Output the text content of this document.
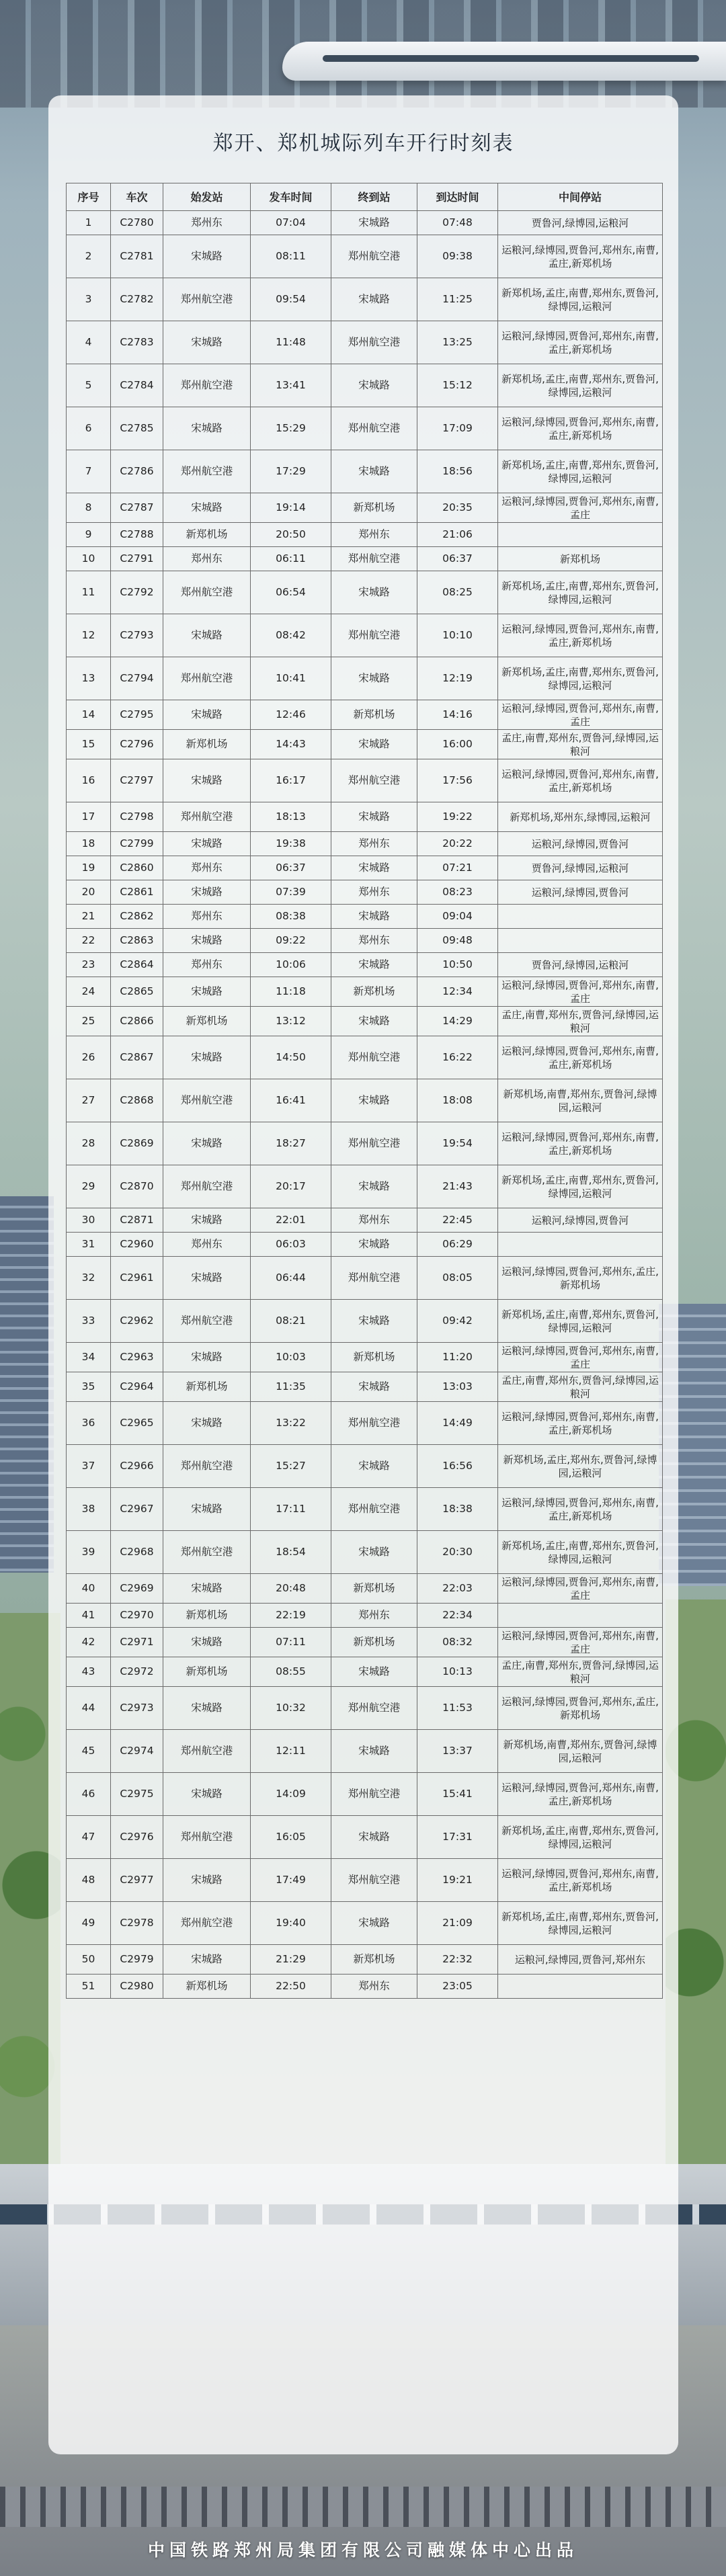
郑开、郑机城际列车开行时刻表
序号	车次	始发站	发车时间	终到站	到达时间	中间停站
1	C2780	郑州东	07:04	宋城路	07:48	贾鲁河,绿博园,运粮河
2	C2781	宋城路	08:11	郑州航空港	09:38	运粮河,绿博园,贾鲁河,郑州东,南曹,孟庄,新郑机场
3	C2782	郑州航空港	09:54	宋城路	11:25	新郑机场,孟庄,南曹,郑州东,贾鲁河,绿博园,运粮河
4	C2783	宋城路	11:48	郑州航空港	13:25	运粮河,绿博园,贾鲁河,郑州东,南曹,孟庄,新郑机场
5	C2784	郑州航空港	13:41	宋城路	15:12	新郑机场,孟庄,南曹,郑州东,贾鲁河,绿博园,运粮河
6	C2785	宋城路	15:29	郑州航空港	17:09	运粮河,绿博园,贾鲁河,郑州东,南曹,孟庄,新郑机场
7	C2786	郑州航空港	17:29	宋城路	18:56	新郑机场,孟庄,南曹,郑州东,贾鲁河,绿博园,运粮河
8	C2787	宋城路	19:14	新郑机场	20:35	运粮河,绿博园,贾鲁河,郑州东,南曹,孟庄
9	C2788	新郑机场	20:50	郑州东	21:06	
10	C2791	郑州东	06:11	郑州航空港	06:37	新郑机场
11	C2792	郑州航空港	06:54	宋城路	08:25	新郑机场,孟庄,南曹,郑州东,贾鲁河,绿博园,运粮河
12	C2793	宋城路	08:42	郑州航空港	10:10	运粮河,绿博园,贾鲁河,郑州东,南曹,孟庄,新郑机场
13	C2794	郑州航空港	10:41	宋城路	12:19	新郑机场,孟庄,南曹,郑州东,贾鲁河,绿博园,运粮河
14	C2795	宋城路	12:46	新郑机场	14:16	运粮河,绿博园,贾鲁河,郑州东,南曹,孟庄
15	C2796	新郑机场	14:43	宋城路	16:00	孟庄,南曹,郑州东,贾鲁河,绿博园,运粮河
16	C2797	宋城路	16:17	郑州航空港	17:56	运粮河,绿博园,贾鲁河,郑州东,南曹,孟庄,新郑机场
17	C2798	郑州航空港	18:13	宋城路	19:22	新郑机场,郑州东,绿博园,运粮河
18	C2799	宋城路	19:38	郑州东	20:22	运粮河,绿博园,贾鲁河
19	C2860	郑州东	06:37	宋城路	07:21	贾鲁河,绿博园,运粮河
20	C2861	宋城路	07:39	郑州东	08:23	运粮河,绿博园,贾鲁河
21	C2862	郑州东	08:38	宋城路	09:04	
22	C2863	宋城路	09:22	郑州东	09:48	
23	C2864	郑州东	10:06	宋城路	10:50	贾鲁河,绿博园,运粮河
24	C2865	宋城路	11:18	新郑机场	12:34	运粮河,绿博园,贾鲁河,郑州东,南曹,孟庄
25	C2866	新郑机场	13:12	宋城路	14:29	孟庄,南曹,郑州东,贾鲁河,绿博园,运粮河
26	C2867	宋城路	14:50	郑州航空港	16:22	运粮河,绿博园,贾鲁河,郑州东,南曹,孟庄,新郑机场
27	C2868	郑州航空港	16:41	宋城路	18:08	新郑机场,南曹,郑州东,贾鲁河,绿博园,运粮河
28	C2869	宋城路	18:27	郑州航空港	19:54	运粮河,绿博园,贾鲁河,郑州东,南曹,孟庄,新郑机场
29	C2870	郑州航空港	20:17	宋城路	21:43	新郑机场,孟庄,南曹,郑州东,贾鲁河,绿博园,运粮河
30	C2871	宋城路	22:01	郑州东	22:45	运粮河,绿博园,贾鲁河
31	C2960	郑州东	06:03	宋城路	06:29	
32	C2961	宋城路	06:44	郑州航空港	08:05	运粮河,绿博园,贾鲁河,郑州东,孟庄,新郑机场
33	C2962	郑州航空港	08:21	宋城路	09:42	新郑机场,孟庄,南曹,郑州东,贾鲁河,绿博园,运粮河
34	C2963	宋城路	10:03	新郑机场	11:20	运粮河,绿博园,贾鲁河,郑州东,南曹,孟庄
35	C2964	新郑机场	11:35	宋城路	13:03	孟庄,南曹,郑州东,贾鲁河,绿博园,运粮河
36	C2965	宋城路	13:22	郑州航空港	14:49	运粮河,绿博园,贾鲁河,郑州东,南曹,孟庄,新郑机场
37	C2966	郑州航空港	15:27	宋城路	16:56	新郑机场,孟庄,郑州东,贾鲁河,绿博园,运粮河
38	C2967	宋城路	17:11	郑州航空港	18:38	运粮河,绿博园,贾鲁河,郑州东,南曹,孟庄,新郑机场
39	C2968	郑州航空港	18:54	宋城路	20:30	新郑机场,孟庄,南曹,郑州东,贾鲁河,绿博园,运粮河
40	C2969	宋城路	20:48	新郑机场	22:03	运粮河,绿博园,贾鲁河,郑州东,南曹,孟庄
41	C2970	新郑机场	22:19	郑州东	22:34	
42	C2971	宋城路	07:11	新郑机场	08:32	运粮河,绿博园,贾鲁河,郑州东,南曹,孟庄
43	C2972	新郑机场	08:55	宋城路	10:13	孟庄,南曹,郑州东,贾鲁河,绿博园,运粮河
44	C2973	宋城路	10:32	郑州航空港	11:53	运粮河,绿博园,贾鲁河,郑州东,孟庄,新郑机场
45	C2974	郑州航空港	12:11	宋城路	13:37	新郑机场,南曹,郑州东,贾鲁河,绿博园,运粮河
46	C2975	宋城路	14:09	郑州航空港	15:41	运粮河,绿博园,贾鲁河,郑州东,南曹,孟庄,新郑机场
47	C2976	郑州航空港	16:05	宋城路	17:31	新郑机场,孟庄,南曹,郑州东,贾鲁河,绿博园,运粮河
48	C2977	宋城路	17:49	郑州航空港	19:21	运粮河,绿博园,贾鲁河,郑州东,南曹,孟庄,新郑机场
49	C2978	郑州航空港	19:40	宋城路	21:09	新郑机场,孟庄,南曹,郑州东,贾鲁河,绿博园,运粮河
50	C2979	宋城路	21:29	新郑机场	22:32	运粮河,绿博园,贾鲁河,郑州东
51	C2980	新郑机场	22:50	郑州东	23:05	
中国铁路郑州局集团有限公司融媒体中心出品
